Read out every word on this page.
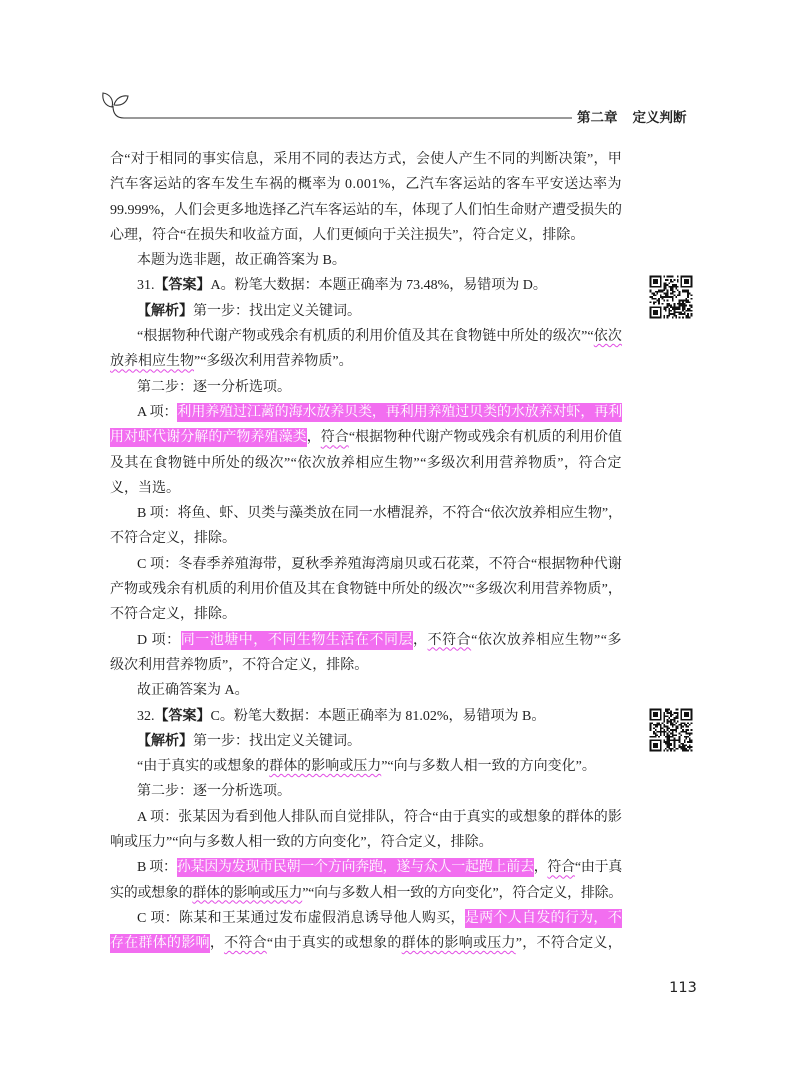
第二章 定义判断
合“对于相同的事实信息，采用不同的表达方式，会使人产生不同的判断决策”，甲
汽车客运站的客车发生车祸的概率为 0.001%，乙汽车客运站的客车平安送达率为
99.999%，人们会更多地选择乙汽车客运站的车，体现了人们怕生命财产遭受损失的
心理，符合“在损失和收益方面，人们更倾向于关注损失”，符合定义，排除。
本题为选非题，故正确答案为 B。
31.【答案】A。粉笔大数据：本题正确率为 73.48%，易错项为 D。
【解析】第一步：找出定义关键词。
“根据物种代谢产物或残余有机质的利用价值及其在食物链中所处的级次”“依次
放养相应生物”“多级次利用营养物质”。
第二步：逐一分析选项。
A 项：利用养殖过江蓠的海水放养贝类，再利用养殖过贝类的水放养对虾，再利
用对虾代谢分解的产物养殖藻类，符合“根据物种代谢产物或残余有机质的利用价值
及其在食物链中所处的级次”“依次放养相应生物”“多级次利用营养物质”，符合定
义，当选。
B 项：将鱼、虾、贝类与藻类放在同一水槽混养，不符合“依次放养相应生物”，
不符合定义，排除。
C 项：冬春季养殖海带，夏秋季养殖海湾扇贝或石花菜，不符合“根据物种代谢
产物或残余有机质的利用价值及其在食物链中所处的级次”“多级次利用营养物质”，
不符合定义，排除。
D 项：同一池塘中，不同生物生活在不同层，不符合“依次放养相应生物”“多
级次利用营养物质”，不符合定义，排除。
故正确答案为 A。
32.【答案】C。粉笔大数据：本题正确率为 81.02%，易错项为 B。
【解析】第一步：找出定义关键词。
“由于真实的或想象的群体的影响或压力”“向与多数人相一致的方向变化”。
第二步：逐一分析选项。
A 项：张某因为看到他人排队而自觉排队，符合“由于真实的或想象的群体的影
响或压力”“向与多数人相一致的方向变化”，符合定义，排除。
B 项：孙某因为发现市民朝一个方向奔跑，遂与众人一起跑上前去，符合“由于真
实的或想象的群体的影响或压力”“向与多数人相一致的方向变化”，符合定义，排除。
C 项：陈某和王某通过发布虚假消息诱导他人购买，是两个人自发的行为，不
存在群体的影响，不符合“由于真实的或想象的群体的影响或压力”，不符合定义，
113
